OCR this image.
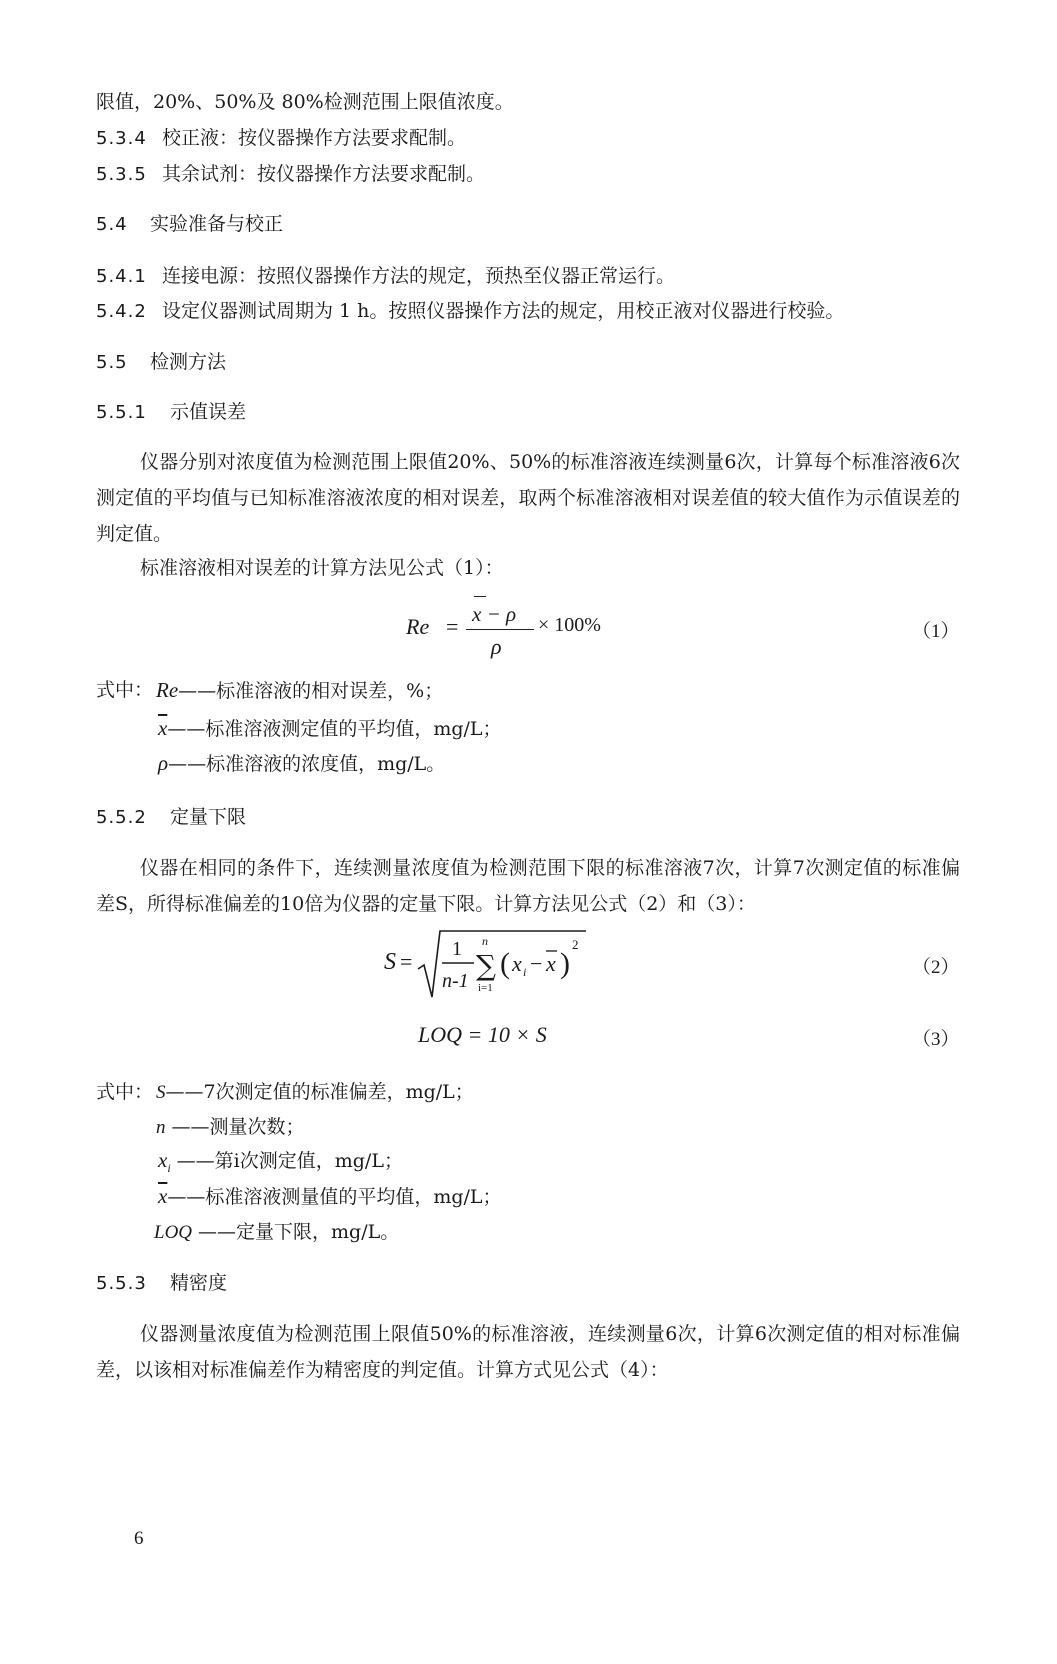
限值，20%、50%及 80%检测范围上限值浓度。
5.3.4 校正液：按仪器操作方法要求配制。
5.3.5 其余试剂：按仪器操作方法要求配制。
5.4 实验准备与校正
5.4.1 连接电源：按照仪器操作方法的规定，预热至仪器正常运行。
5.4.2 设定仪器测试周期为 1 h。按照仪器操作方法的规定，用校正液对仪器进行校验。
5.5 检测方法
5.5.1 示值误差
仪器分别对浓度值为检测范围上限值20%、50%的标准溶液连续测量6次，计算每个标准溶液6次测定值的平均值与已知标准溶液浓度的相对误差，取两个标准溶液相对误差值的较大值作为示值误差的判定值。
标准溶液相对误差的计算方法见公式（1）：
Re = x − ρ
ρ
× 100%	（1）
式中： Re——标准溶液的相对误差，%；
$\overline{x}——$标准溶液测定值的平均值，mg/L；
ρ——标准溶液的浓度值，mg/L。
5.5.2 定量下限
仪器在相同的条件下，连续测量浓度值为检测范围下限的标准溶液7次，计算7次测定值的标准偏差S，所得标准偏差的10倍为仪器的定量下限。计算方法见公式（2）和（3）：
S = 1
n-1
n
∑
i=1
( x i − x )
2
（2）
LOQ = 10 × S	（3）
式中： S——7次测定值的标准偏差，mg/L；
n ——测量次数；
$x_i$ ——第i次测定值，mg/L；
$\overline{x}——$标准溶液测量值的平均值，mg/L；
LOQ ——定量下限，mg/L。
5.5.3 精密度
仪器测量浓度值为检测范围上限值50%的标准溶液，连续测量6次，计算6次测定值的相对标准偏差，以该相对标准偏差作为精密度的判定值。计算方式见公式（4）：
6
